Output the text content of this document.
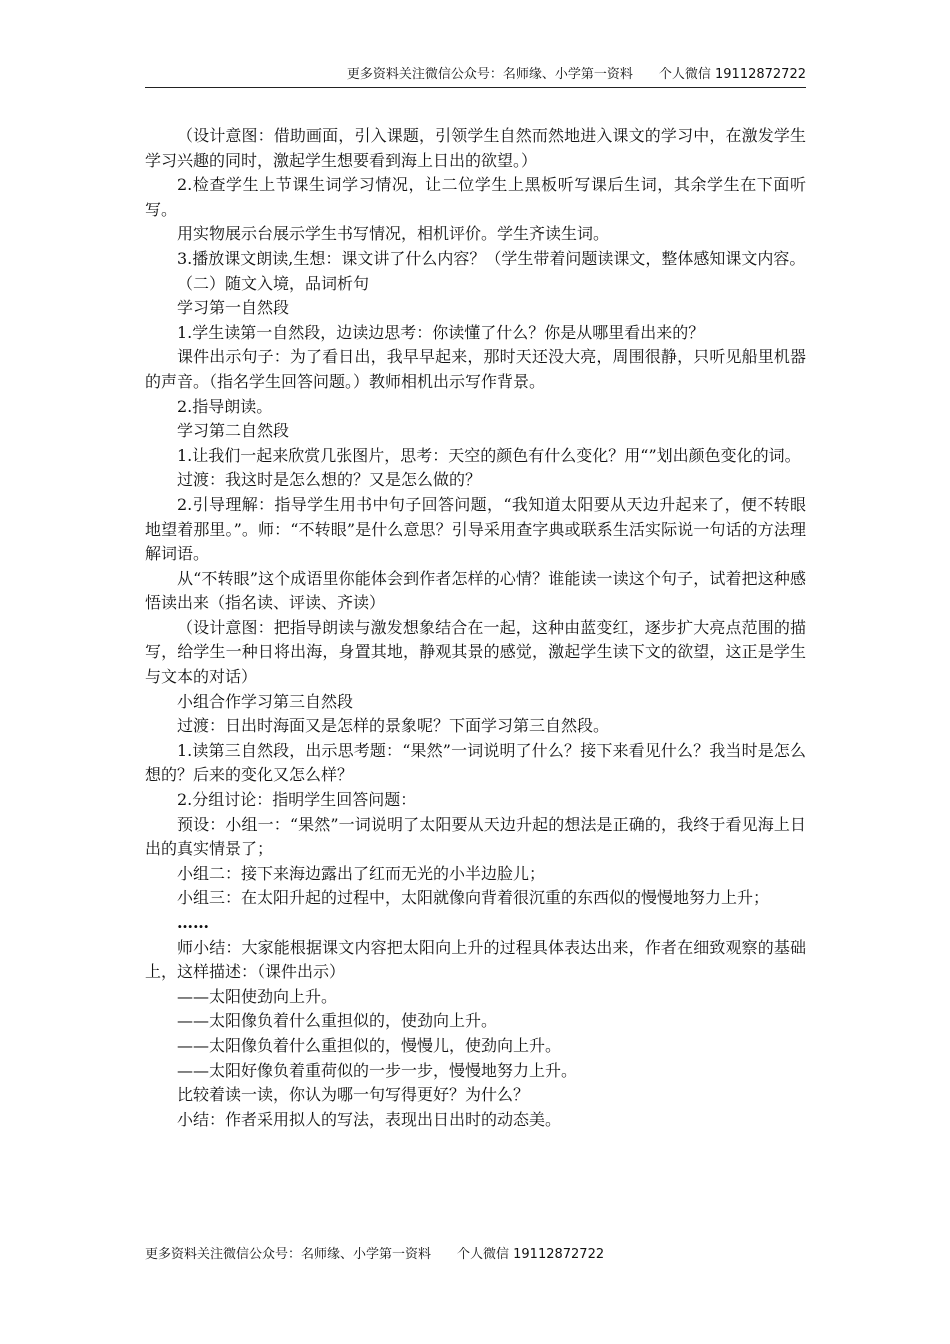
更多资料关注微信公众号：名师缘、小学第一资料　　个人微信 19112872722

（设计意图：借助画面，引入课题，引领学生自然而然地进入课文的学习中，在激发学生学习兴趣的同时，激起学生想要看到海上日出的欲望。）

2.检查学生上节课生词学习情况，让二位学生上黑板听写课后生词，其余学生在下面听写。

用实物展示台展示学生书写情况，相机评价。学生齐读生词。

3.播放课文朗读,生想：课文讲了什么内容？（学生带着问题读课文，整体感知课文内容。

（二）随文入境，品词析句

学习第一自然段

1.学生读第一自然段，边读边思考：你读懂了什么？你是从哪里看出来的？

课件出示句子：为了看日出，我早早起来，那时天还没大亮，周围很静，只听见船里机器的声音。（指名学生回答问题。）教师相机出示写作背景。

2.指导朗读。

学习第二自然段

1.让我们一起来欣赏几张图片，思考：天空的颜色有什么变化？用“”划出颜色变化的词。

过渡：我这时是怎么想的？又是怎么做的？

2.引导理解：指导学生用书中句子回答问题，“我知道太阳要从天边升起来了，便不转眼地望着那里。”。师：“不转眼”是什么意思？引导采用查字典或联系生活实际说一句话的方法理解词语。

从“不转眼”这个成语里你能体会到作者怎样的心情？谁能读一读这个句子，试着把这种感悟读出来（指名读、评读、齐读）

（设计意图：把指导朗读与激发想象结合在一起，这种由蓝变红，逐步扩大亮点范围的描写，给学生一种日将出海，身置其地，静观其景的感觉，激起学生读下文的欲望，这正是学生与文本的对话）

小组合作学习第三自然段

过渡：日出时海面又是怎样的景象呢？下面学习第三自然段。

1.读第三自然段，出示思考题：“果然”一词说明了什么？接下来看见什么？我当时是怎么想的？后来的变化又怎么样？

2.分组讨论：指明学生回答问题：

预设：小组一：“果然”一词说明了太阳要从天边升起的想法是正确的，我终于看见海上日出的真实情景了；

小组二：接下来海边露出了红而无光的小半边脸儿；

小组三：在太阳升起的过程中，太阳就像向背着很沉重的东西似的慢慢地努力上升；

……

师小结：大家能根据课文内容把太阳向上升的过程具体表达出来，作者在细致观察的基础上，这样描述：（课件出示）

——太阳使劲向上升。

——太阳像负着什么重担似的，使劲向上升。

——太阳像负着什么重担似的，慢慢儿，使劲向上升。

——太阳好像负着重荷似的一步一步，慢慢地努力上升。

比较着读一读，你认为哪一句写得更好？为什么？

小结：作者采用拟人的写法，表现出日出时的动态美。

更多资料关注微信公众号：名师缘、小学第一资料　　个人微信 19112872722
